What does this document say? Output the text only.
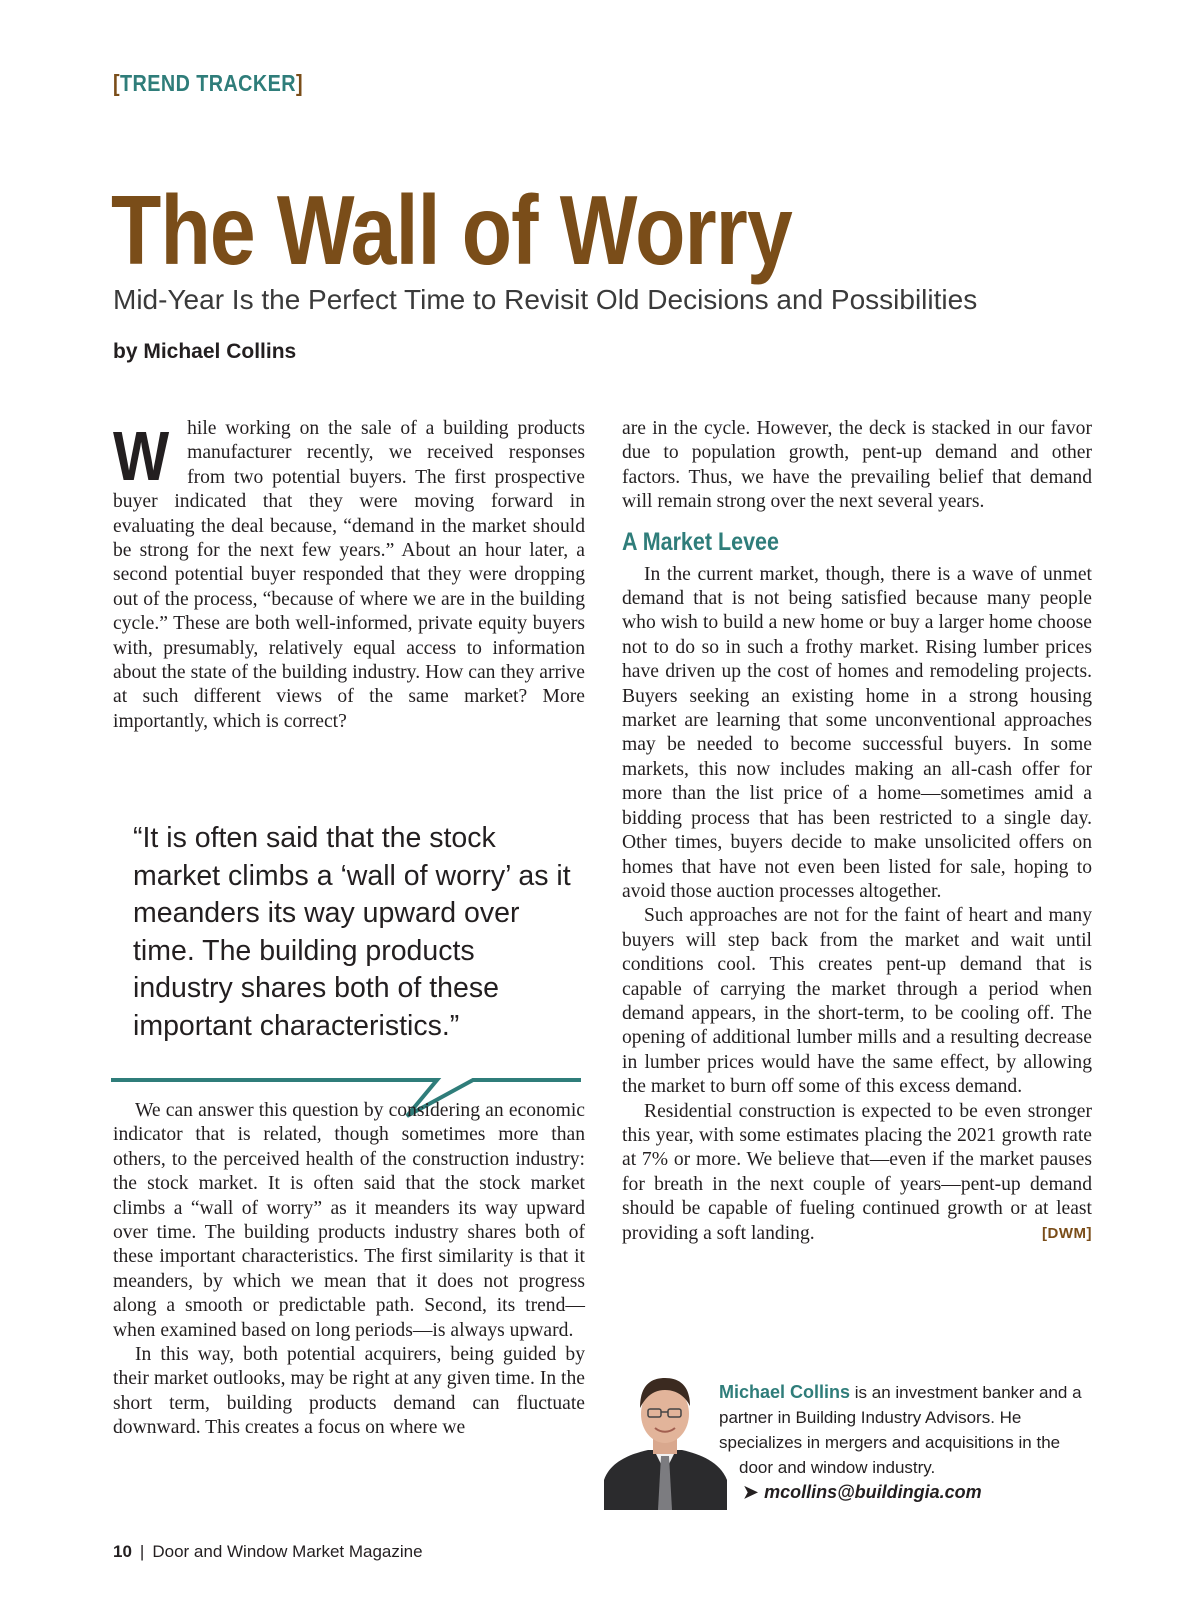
[TREND TRACKER]
The Wall of Worry
Mid-Year Is the Perfect Time to Revisit Old Decisions and Possibilities
by Michael Collins

While working on the sale of a building products manufacturer recently, we received responses from two potential buyers. The first prospective buyer indicated that they were moving forward in evaluating the deal because, “demand in the market should be strong for the next few years.” About an hour later, a second potential buyer responded that they were dropping out of the process, “because of where we are in the building cycle.” These are both well-informed, private equity buyers with, presumably, relatively equal access to information about the state of the building industry. How can they arrive at such different views of the same market? More importantly, which is correct?

“It is often said that the stock market climbs a ‘wall of worry’ as it meanders its way upward over time. The building products industry shares both of these important characteristics.”

We can answer this question by considering an economic indicator that is related, though sometimes more than others, to the perceived health of the construction industry: the stock market. It is often said that the stock market climbs a “wall of worry” as it meanders its way upward over time. The building products industry shares both of these important characteristics. The first similarity is that it meanders, by which we mean that it does not progress along a smooth or predictable path. Second, its trend—when examined based on long periods—is always upward.

In this way, both potential acquirers, being guided by their market outlooks, may be right at any given time. In the short term, building products demand can fluctuate downward. This creates a focus on where we

are in the cycle. However, the deck is stacked in our favor due to population growth, pent-up demand and other factors. Thus, we have the prevailing belief that demand will remain strong over the next several years.

A Market Levee

In the current market, though, there is a wave of unmet demand that is not being satisfied because many people who wish to build a new home or buy a larger home choose not to do so in such a frothy market. Rising lumber prices have driven up the cost of homes and remodeling projects. Buyers seeking an existing home in a strong housing market are learning that some unconventional approaches may be needed to become successful buyers. In some markets, this now includes making an all-cash offer for more than the list price of a home—sometimes amid a bidding process that has been restricted to a single day. Other times, buyers decide to make unsolicited offers on homes that have not even been listed for sale, hoping to avoid those auction processes altogether.

Such approaches are not for the faint of heart and many buyers will step back from the market and wait until conditions cool. This creates pent-up demand that is capable of carrying the market through a period when demand appears, in the short-term, to be cooling off. The opening of additional lumber mills and a resulting decrease in lumber prices would have the same effect, by allowing the market to burn off some of this excess demand.

Residential construction is expected to be even stronger this year, with some estimates placing the 2021 growth rate at 7% or more. We believe that—even if the market pauses for breath in the next couple of years—pent-up demand should be capable of fueling continued growth or at least providing a soft landing.	[DWM]

Michael Collins is an investment banker and a partner in Building Industry Advisors. He specializes in mergers and acquisitions in the
door and window industry.
➤ mcollins@buildingia.com
10 | Door and Window Market Magazine
